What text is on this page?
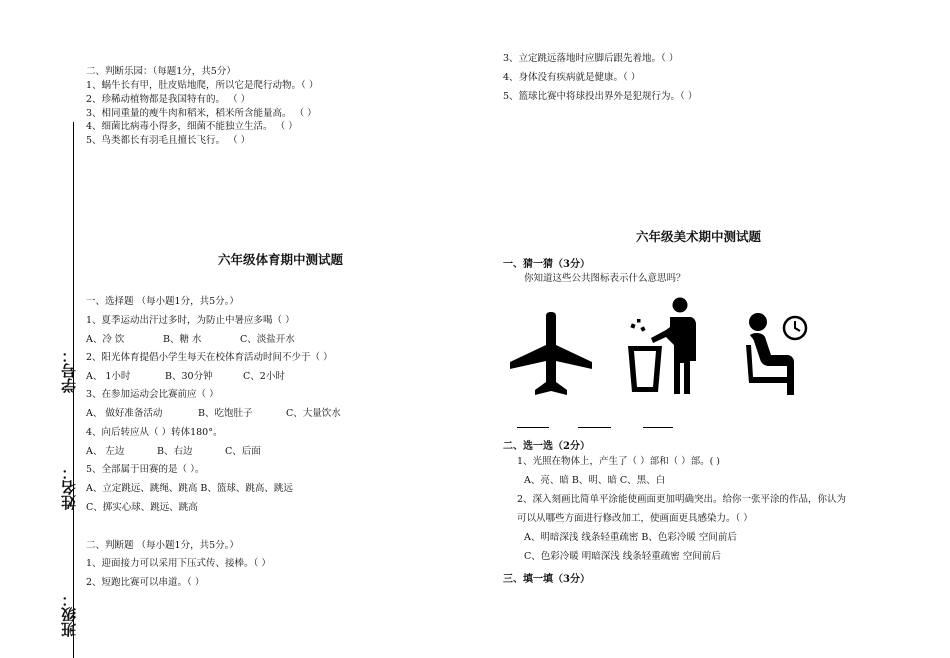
二、判断乐园：（每题1分，共5分）
1、蜗牛长有甲，肚皮贴地爬，所以它是爬行动物。（ ）
2、珍稀动植物都是我国特有的。 （ ）
3、相同重量的瘦牛肉和稻米，稻米所含能量高。 （ ）
4、细菌比病毒小得多，细菌不能独立生活。 （ ）
5、鸟类都长有羽毛且擅长飞行。 （ ）
学号：
姓名：
班级：
六年级体育期中测试题
一、选择题 （每小题1分，共5分。）
1、夏季运动出汗过多时，为防止中暑应多喝（ ）
A、冷 饮	B、糖 水	C、淡盐开水
2、阳光体育提倡小学生每天在校体育活动时间不少于（ ）
A、 1小时	B、30分钟	C、2小时
3、在参加运动会比赛前应（ ）
A、 做好准备活动	B、吃饱肚子	C、大量饮水
4、向后转应从（ ）转体180°。
A、 左边	B、右边	C、后面
5、全部属于田赛的是（ ）。
A、立定跳远、跳绳、跳高 B、篮球、跳高、跳远
C、掷实心球、跳远、跳高
二、判断题 （每小题1分，共5分。）
1、迎面接力可以采用下压式传、接棒。（ ）
2、短跑比赛可以串道。（ ）
3、立定跳远落地时应脚后跟先着地。（ ）
4、身体没有疾病就是健康。（ ）
5、篮球比赛中将球投出界外是犯规行为。（ ）
六年级美术期中测试题
一、猜一猜（3分）
你知道这些公共图标表示什么意思吗？
二、选一选（2分）
1、光照在物体上，产生了（ ）部和（ ）部。( )
A、亮、暗 B、明、暗 C、黑、白
2、深入刻画比简单平涂能使画面更加明确突出。给你一张平涂的作品，你认为
可以从哪些方面进行修改加工，使画面更具感染力。（ ）
A、明暗深浅 线条轻重疏密 B、色彩冷暖 空间前后
C、色彩冷暖 明暗深浅 线条轻重疏密 空间前后
三、填一填（3分）
